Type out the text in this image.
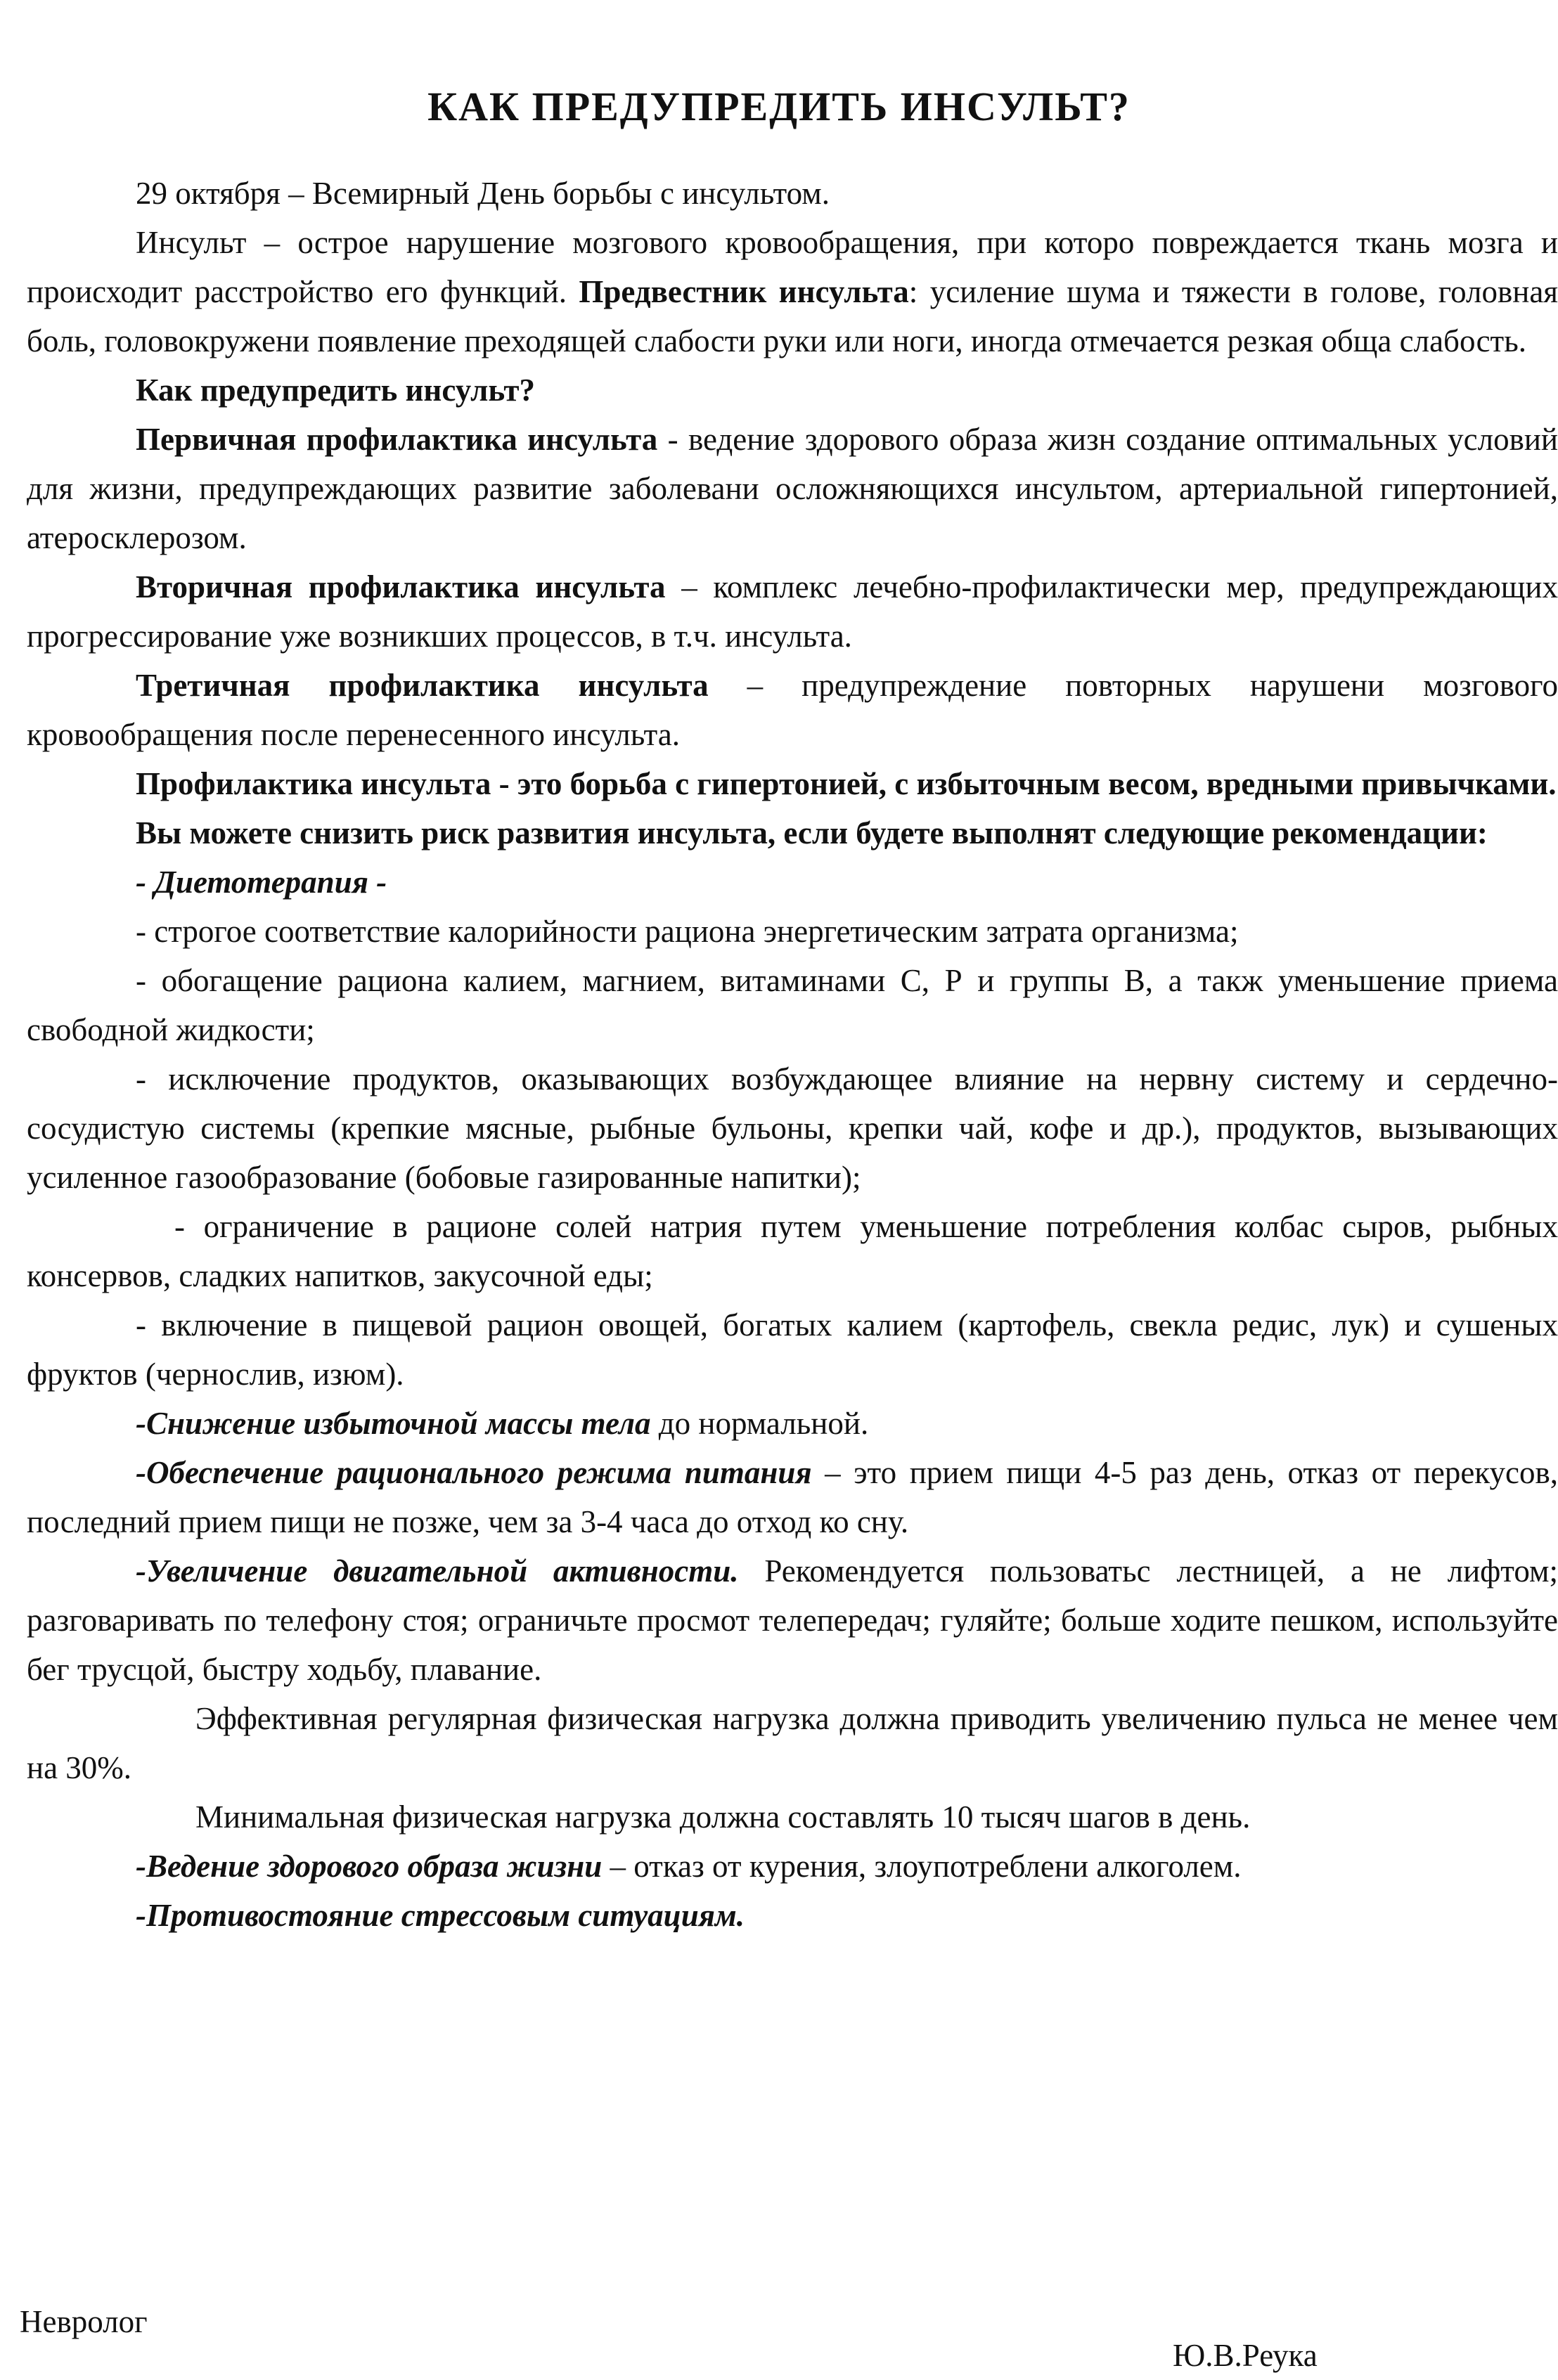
КАК ПРЕДУПРЕДИТЬ ИНСУЛЬТ?

29 октября – Всемирный День борьбы с инсультом.

Инсульт – острое нарушение мозгового кровообращения, при которо повреждается ткань мозга и происходит расстройство его функций. Предвестник инсульта: усиление шума и тяжести в голове, головная боль, головокружени появление преходящей слабости руки или ноги, иногда отмечается резкая обща слабость.

Как предупредить инсульт?

Первичная профилактика инсульта - ведение здорового образа жизн создание оптимальных условий для жизни, предупреждающих развитие заболевани осложняющихся инсультом, артериальной гипертонией, атеросклерозом.

Вторичная профилактика инсульта – комплекс лечебно-профилактически мер, предупреждающих прогрессирование уже возникших процессов, в т.ч. инсульта.

Третичная профилактика инсульта – предупреждение повторных нарушени мозгового кровообращения после перенесенного инсульта.

Профилактика инсульта - это борьба с гипертонией, с избыточным весом, вредными привычками.

Вы можете снизить риск развития инсульта, если будете выполнят следующие рекомендации:

- Диетотерапия -

- строгое соответствие калорийности рациона энергетическим затрата организма;

- обогащение рациона калием, магнием, витаминами С, Р и группы В, а такж уменьшение приема свободной жидкости;

- исключение продуктов, оказывающих возбуждающее влияние на нервну систему и сердечно-сосудистую системы (крепкие мясные, рыбные бульоны, крепки чай, кофе и др.), продуктов, вызывающих усиленное газообразование (бобовые газированные напитки);

- ограничение в рационе солей натрия путем уменьшение потребления колбас сыров, рыбных консервов, сладких напитков, закусочной еды;

- включение в пищевой рацион овощей, богатых калием (картофель, свекла редис, лук) и сушеных фруктов (чернослив, изюм).

-Снижение избыточной массы тела до нормальной.

-Обеспечение рационального режима питания – это прием пищи 4-5 раз день, отказ от перекусов, последний прием пищи не позже, чем за 3-4 часа до отход ко сну.

-Увеличение двигательной активности. Рекомендуется пользоватьс лестницей, а не лифтом; разговаривать по телефону стоя; ограничьте просмот телепередач; гуляйте; больше ходите пешком, используйте бег трусцой, быстру ходьбу, плавание.

Эффективная регулярная физическая нагрузка должна приводить увеличению пульса не менее чем на 30%.

Минимальная физическая нагрузка должна составлять 10 тысяч шагов в день.

-Ведение здорового образа жизни – отказ от курения, злоупотреблени алкоголем.

-Противостояние стрессовым ситуациям.

Невролог
Ю.В.Реука
